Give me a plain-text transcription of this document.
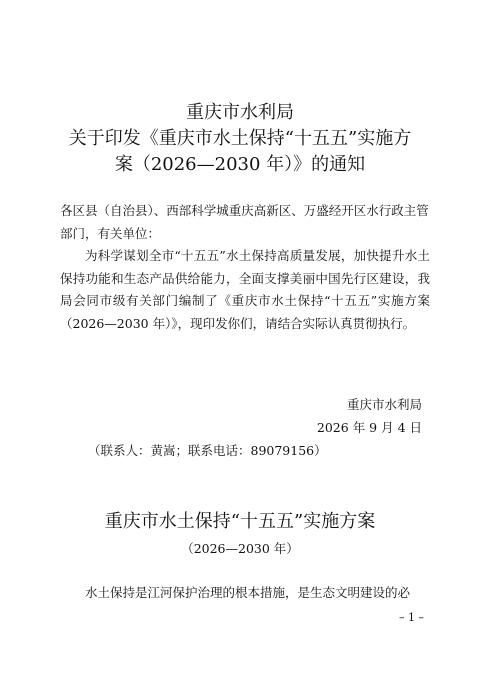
重庆市水利局
关于印发《重庆市水土保持“十五五”实施方
案（2026—2030 年）》的通知
各区县（自治县）、西部科学城重庆高新区、万盛经开区水行政主管部门，有关单位：
为科学谋划全市“十五五”水土保持高质量发展，加快提升水土保持功能和生态产品供给能力，全面支撑美丽中国先行区建设，我局会同市级有关部门编制了《重庆市水土保持“十五五”实施方案（2026—2030 年）》，现印发你们，请结合实际认真贯彻执行。
重庆市水利局
2026 年 9 月 4 日
（联系人：黄嵩；联系电话：89079156）
重庆市水土保持“十五五”实施方案
（2026—2030 年）
水土保持是江河保护治理的根本措施，是生态文明建设的必
– 1 –
